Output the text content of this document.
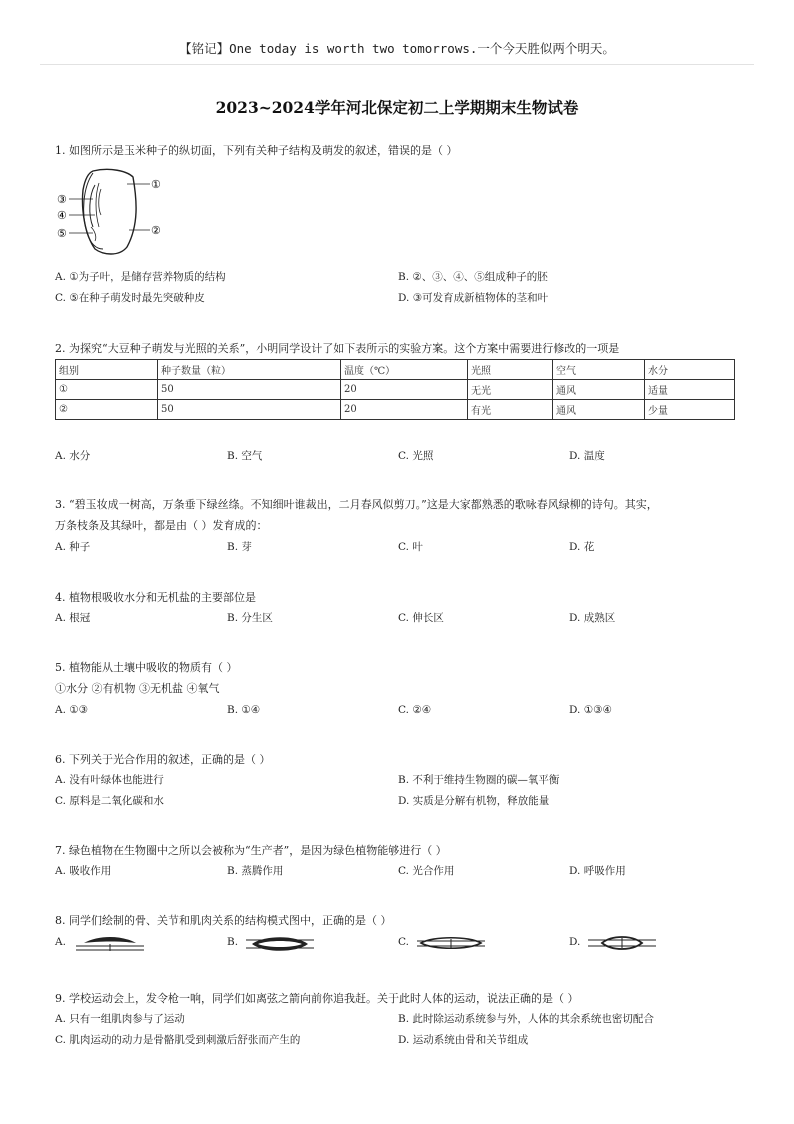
【铭记】One today is worth two tomorrows.一个今天胜似两个明天。
2023~2024学年河北保定初二上学期期末生物试卷
1. 如图所示是玉米种子的纵切面，下列有关种子结构及萌发的叙述，错误的是（ ）
①
②
③
④
⑤
A. ①为子叶，是储存营养物质的结构	B. ②、③、④、⑤组成种子的胚
C. ⑤在种子萌发时最先突破种皮	D. ③可发育成新植物体的茎和叶
2. 为探究“大豆种子萌发与光照的关系”，小明同学设计了如下表所示的实验方案。这个方案中需要进行修改的一项是
组别	种子数量（粒）	温度（℃）	光照	空气	水分
①	50	20	无光	通风	适量
②	50	20	有光	通风	少量
A. 水分	B. 空气	C. 光照	D. 温度
3. “碧玉妆成一树高，万条垂下绿丝绦。不知细叶谁裁出，二月春风似剪刀。”这是大家都熟悉的歌咏春风绿柳的诗句。其实，
万条枝条及其绿叶，都是由（ ）发育成的：
A. 种子	B. 芽	C. 叶	D. 花
4. 植物根吸收水分和无机盐的主要部位是
A. 根冠	B. 分生区	C. 伸长区	D. 成熟区
5. 植物能从土壤中吸收的物质有（ ）
①水分 ②有机物 ③无机盐 ④氧气
A. ①③	B. ①④	C. ②④	D. ①③④
6. 下列关于光合作用的叙述，正确的是（ ）
A. 没有叶绿体也能进行	B. 不利于维持生物圈的碳—氧平衡
C. 原料是二氧化碳和水	D. 实质是分解有机物，释放能量
7. 绿色植物在生物圈中之所以会被称为“生产者”，是因为绿色植物能够进行（ ）
A. 吸收作用	B. 蒸腾作用	C. 光合作用	D. 呼吸作用
8. 同学们绘制的骨、关节和肌肉关系的结构模式图中，正确的是（ ）
A.	B.	C.	D.
9. 学校运动会上，发令枪一响，同学们如离弦之箭向前你追我赶。关于此时人体的运动，说法正确的是（ ）
A. 只有一组肌肉参与了运动	B. 此时除运动系统参与外，人体的其余系统也密切配合
C. 肌肉运动的动力是骨骼肌受到刺激后舒张而产生的	D. 运动系统由骨和关节组成
